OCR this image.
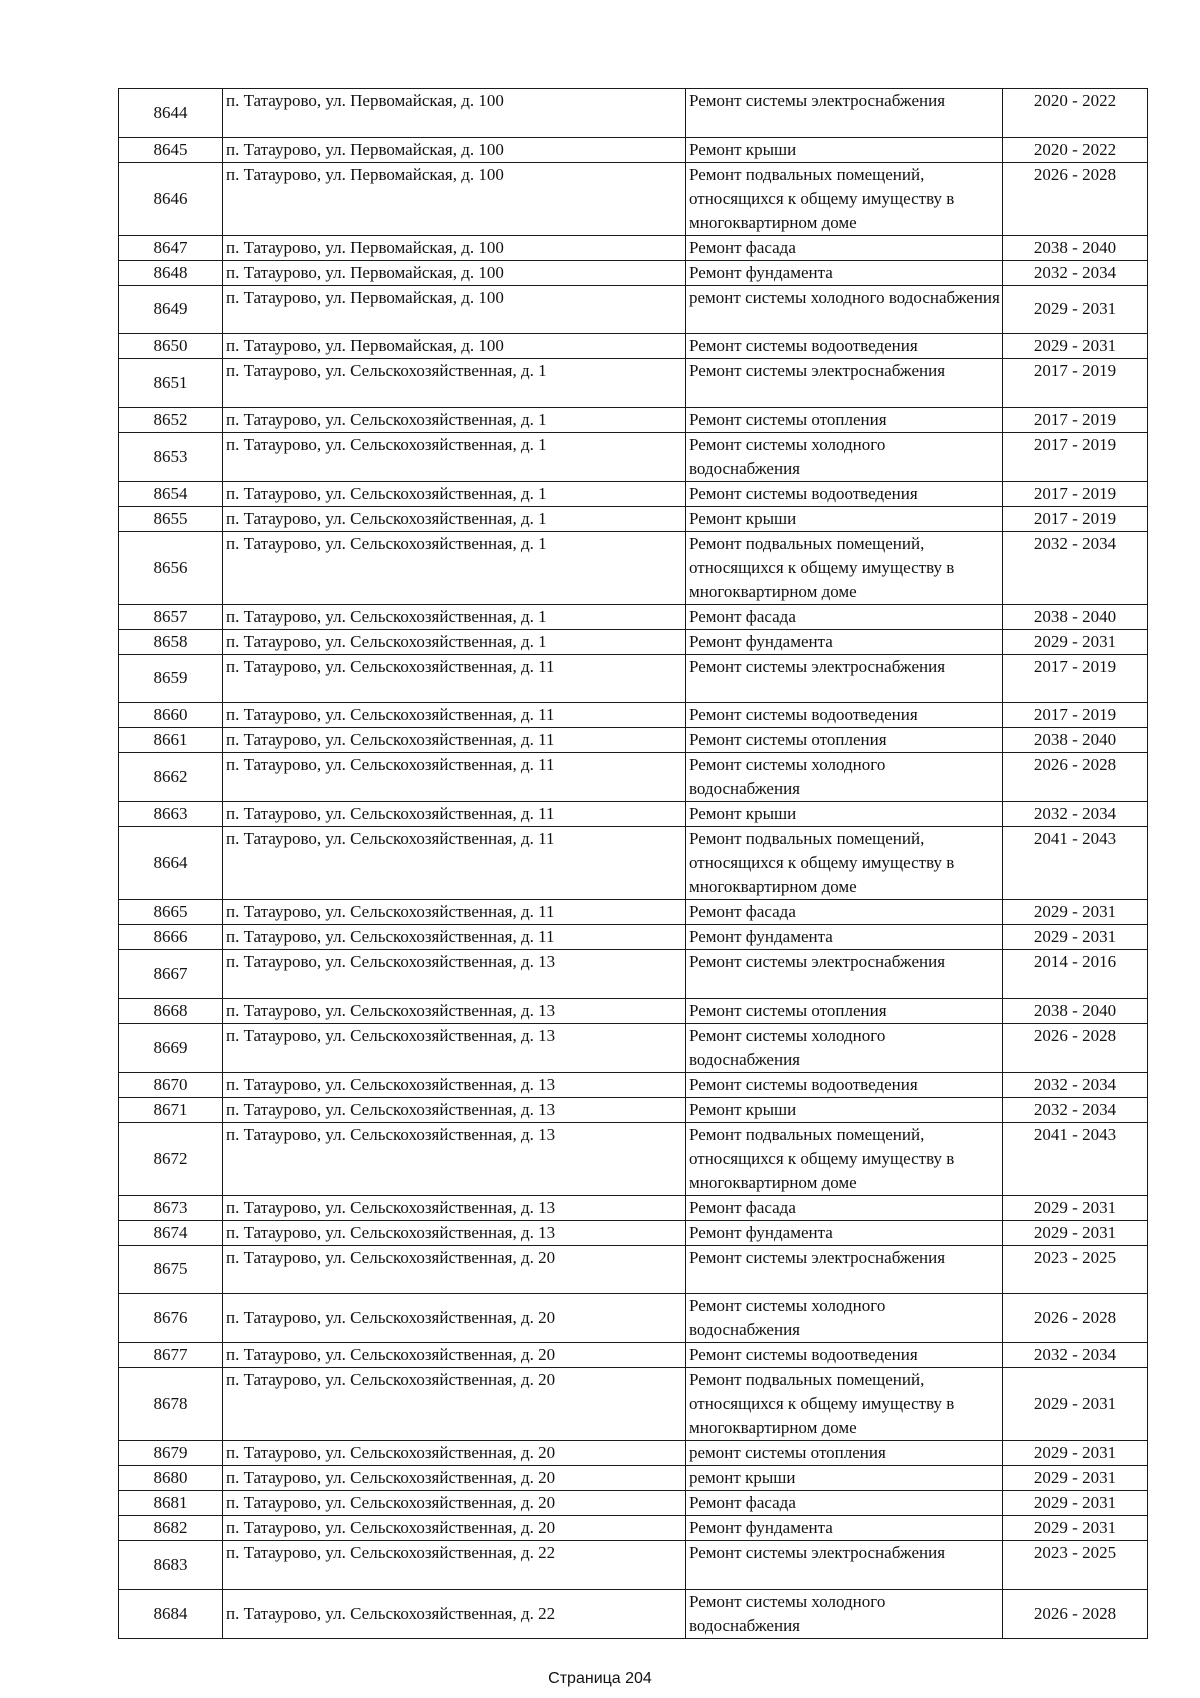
8644	п. Татаурово, ул. Первомайская, д. 100	Ремонт системы электроснабжения	2020 - 2022
8645	п. Татаурово, ул. Первомайская, д. 100	Ремонт крыши	2020 - 2022
8646	п. Татаурово, ул. Первомайская, д. 100	Ремонт подвальных помещений, относящихся к общему имуществу в многоквартирном доме	2026 - 2028
8647	п. Татаурово, ул. Первомайская, д. 100	Ремонт фасада	2038 - 2040
8648	п. Татаурово, ул. Первомайская, д. 100	Ремонт фундамента	2032 - 2034
8649	п. Татаурово, ул. Первомайская, д. 100	ремонт системы холодного водоснабжения	2029 - 2031
8650	п. Татаурово, ул. Первомайская, д. 100	Ремонт системы водоотведения	2029 - 2031
8651	п. Татаурово, ул. Сельскохозяйственная, д. 1	Ремонт системы электроснабжения	2017 - 2019
8652	п. Татаурово, ул. Сельскохозяйственная, д. 1	Ремонт системы отопления	2017 - 2019
8653	п. Татаурово, ул. Сельскохозяйственная, д. 1	Ремонт системы холодного водоснабжения	2017 - 2019
8654	п. Татаурово, ул. Сельскохозяйственная, д. 1	Ремонт системы водоотведения	2017 - 2019
8655	п. Татаурово, ул. Сельскохозяйственная, д. 1	Ремонт крыши	2017 - 2019
8656	п. Татаурово, ул. Сельскохозяйственная, д. 1	Ремонт подвальных помещений, относящихся к общему имуществу в многоквартирном доме	2032 - 2034
8657	п. Татаурово, ул. Сельскохозяйственная, д. 1	Ремонт фасада	2038 - 2040
8658	п. Татаурово, ул. Сельскохозяйственная, д. 1	Ремонт фундамента	2029 - 2031
8659	п. Татаурово, ул. Сельскохозяйственная, д. 11	Ремонт системы электроснабжения	2017 - 2019
8660	п. Татаурово, ул. Сельскохозяйственная, д. 11	Ремонт системы водоотведения	2017 - 2019
8661	п. Татаурово, ул. Сельскохозяйственная, д. 11	Ремонт системы отопления	2038 - 2040
8662	п. Татаурово, ул. Сельскохозяйственная, д. 11	Ремонт системы холодного водоснабжения	2026 - 2028
8663	п. Татаурово, ул. Сельскохозяйственная, д. 11	Ремонт крыши	2032 - 2034
8664	п. Татаурово, ул. Сельскохозяйственная, д. 11	Ремонт подвальных помещений, относящихся к общему имуществу в многоквартирном доме	2041 - 2043
8665	п. Татаурово, ул. Сельскохозяйственная, д. 11	Ремонт фасада	2029 - 2031
8666	п. Татаурово, ул. Сельскохозяйственная, д. 11	Ремонт фундамента	2029 - 2031
8667	п. Татаурово, ул. Сельскохозяйственная, д. 13	Ремонт системы электроснабжения	2014 - 2016
8668	п. Татаурово, ул. Сельскохозяйственная, д. 13	Ремонт системы отопления	2038 - 2040
8669	п. Татаурово, ул. Сельскохозяйственная, д. 13	Ремонт системы холодного водоснабжения	2026 - 2028
8670	п. Татаурово, ул. Сельскохозяйственная, д. 13	Ремонт системы водоотведения	2032 - 2034
8671	п. Татаурово, ул. Сельскохозяйственная, д. 13	Ремонт крыши	2032 - 2034
8672	п. Татаурово, ул. Сельскохозяйственная, д. 13	Ремонт подвальных помещений, относящихся к общему имуществу в многоквартирном доме	2041 - 2043
8673	п. Татаурово, ул. Сельскохозяйственная, д. 13	Ремонт фасада	2029 - 2031
8674	п. Татаурово, ул. Сельскохозяйственная, д. 13	Ремонт фундамента	2029 - 2031
8675	п. Татаурово, ул. Сельскохозяйственная, д. 20	Ремонт системы электроснабжения	2023 - 2025
8676	п. Татаурово, ул. Сельскохозяйственная, д. 20	Ремонт системы холодного водоснабжения	2026 - 2028
8677	п. Татаурово, ул. Сельскохозяйственная, д. 20	Ремонт системы водоотведения	2032 - 2034
8678	п. Татаурово, ул. Сельскохозяйственная, д. 20	Ремонт подвальных помещений, относящихся к общему имуществу в многоквартирном доме	2029 - 2031
8679	п. Татаурово, ул. Сельскохозяйственная, д. 20	ремонт системы отопления	2029 - 2031
8680	п. Татаурово, ул. Сельскохозяйственная, д. 20	ремонт крыши	2029 - 2031
8681	п. Татаурово, ул. Сельскохозяйственная, д. 20	Ремонт фасада	2029 - 2031
8682	п. Татаурово, ул. Сельскохозяйственная, д. 20	Ремонт фундамента	2029 - 2031
8683	п. Татаурово, ул. Сельскохозяйственная, д. 22	Ремонт системы электроснабжения	2023 - 2025
8684	п. Татаурово, ул. Сельскохозяйственная, д. 22	Ремонт системы холодного водоснабжения	2026 - 2028
Страница 204
